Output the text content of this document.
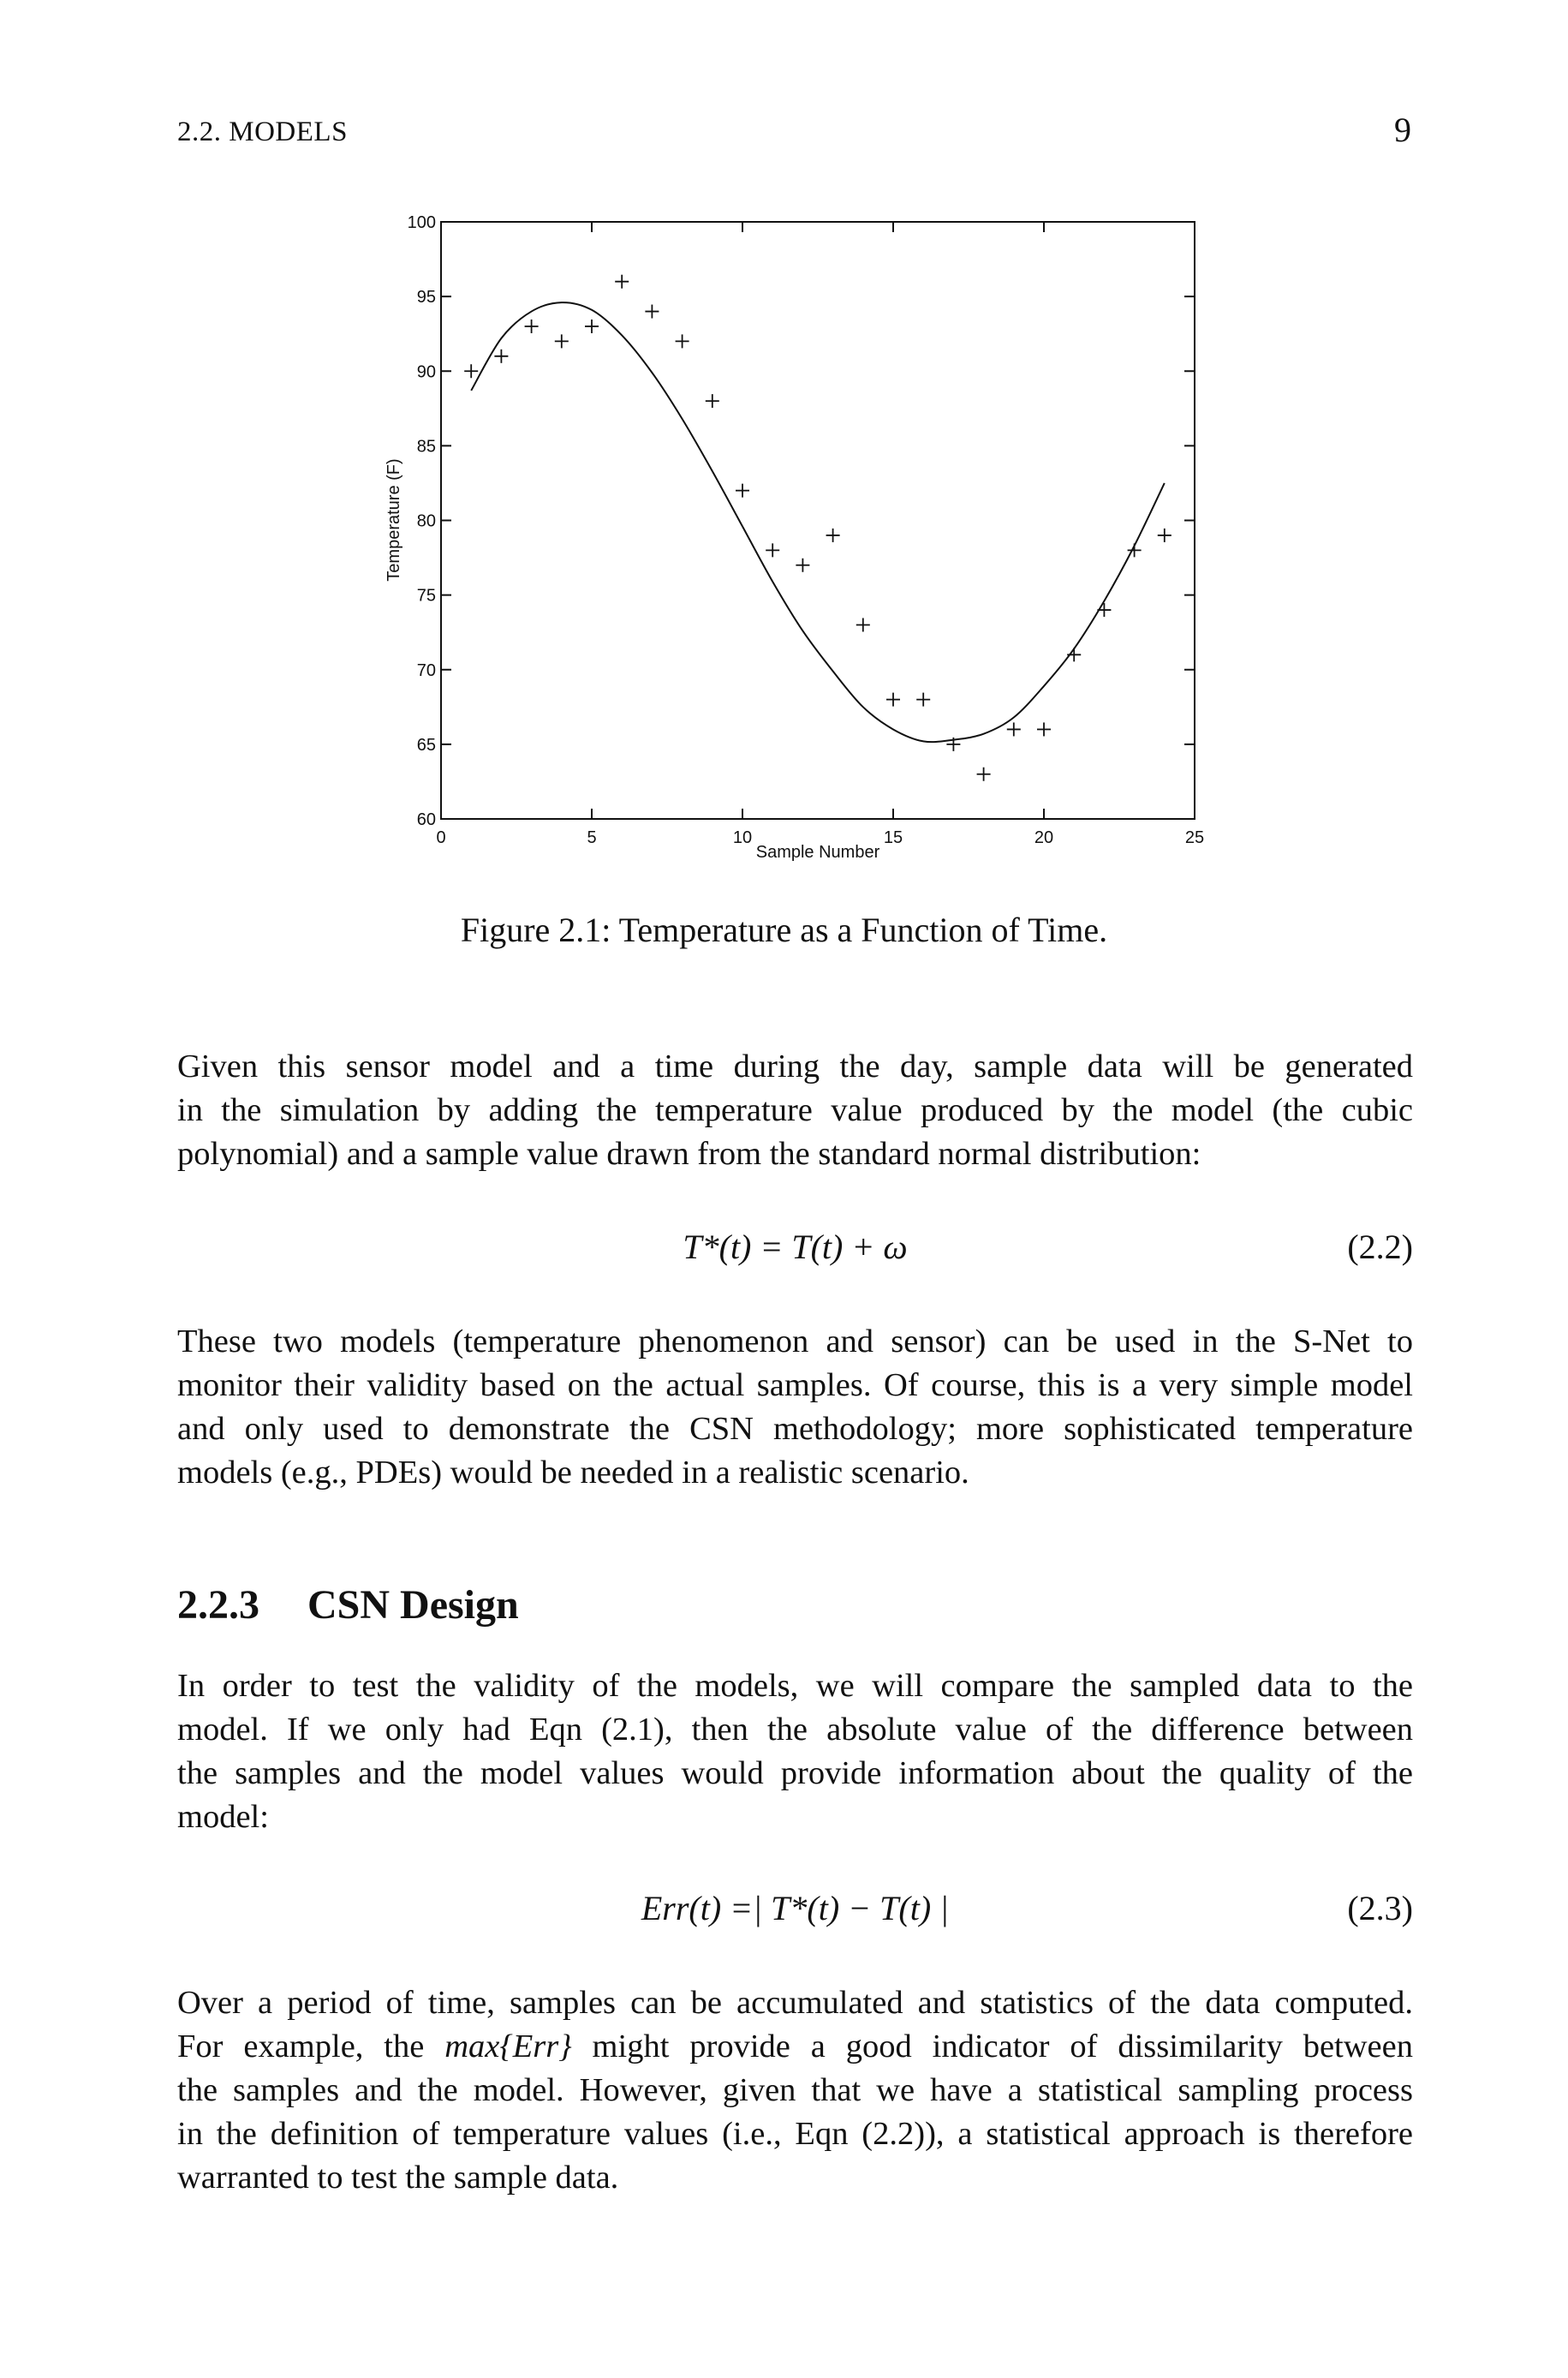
2.2. MODELS	9
0	5	10	15	20	25
60
65
70
75
80
85
90
95
100
Sample Number
Temperature (F)
Figure 2.1: Temperature as a Function of Time.

Given this sensor model and a time during the day, sample data will be generated
in the simulation by adding the temperature value produced by the model (the cubic
polynomial) and a sample value drawn from the standard normal distribution:

T*(t) = T(t) + ω	(2.2)

These two models (temperature phenomenon and sensor) can be used in the S-Net to
monitor their validity based on the actual samples. Of course, this is a very simple model
and only used to demonstrate the CSN methodology; more sophisticated temperature
models (e.g., PDEs) would be needed in a realistic scenario.

2.2.3 CSN Design

In order to test the validity of the models, we will compare the sampled data to the
model. If we only had Eqn (2.1), then the absolute value of the difference between
the samples and the model values would provide information about the quality of the
model:

Err(t) =| T*(t) − T(t) |	(2.3)

Over a period of time, samples can be accumulated and statistics of the data computed.
For example, the max{Err} might provide a good indicator of dissimilarity between
the samples and the model. However, given that we have a statistical sampling process
in the definition of temperature values (i.e., Eqn (2.2)), a statistical approach is therefore
warranted to test the sample data.
